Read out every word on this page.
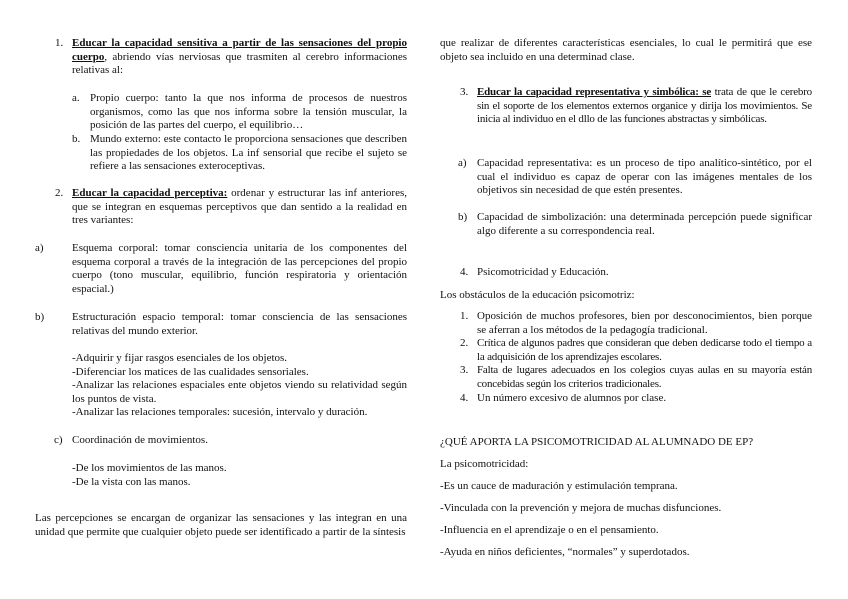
1. Educar la capacidad sensitiva a partir de las sensaciones del propio cuerpo, abriendo vías nerviosas que trasmiten al cerebro informaciones relativas al:
a. Propio cuerpo: tanto la que nos informa de procesos de nuestros organismos, como las que nos informa sobre la tensión muscular, la posición de las partes del cuerpo, el equilibrio…
b. Mundo externo: este contacto le proporciona sensaciones que describen las propiedades de los objetos. La inf sensorial que recibe el sujeto se refiere a las sensaciones exteroceptivas.
2. Educar la capacidad perceptiva: ordenar y estructurar las inf anteriores, que se integran en esquemas perceptivos que dan sentido a la realidad en tres variantes:
a)	Esquema corporal: tomar consciencia unitaria de los componentes del esquema corporal a través de la integración de las percepciones del propio cuerpo (tono muscular, equilibrio, función respiratoria y orientación espacial.)
b)	Estructuración espacio temporal: tomar consciencia de las sensaciones relativas del mundo exterior.

-Adquirir y fijar rasgos esenciales de los objetos.

-Diferenciar los matices de las cualidades sensoriales.

-Analizar las relaciones espaciales ente objetos viendo su relatividad según los puntos de vista.

-Analizar las relaciones temporales: sucesión, intervalo y duración.

c) Coordinación de movimientos.

-De los movimientos de las manos.

-De la vista con las manos.

Las percepciones se encargan de organizar las sensaciones y las integran en una unidad que permite que cualquier objeto puede ser identificado a partir de la síntesis
que realizar de diferentes características esenciales, lo cual le permitirá que ese objeto sea incluido en una determinad clase.
3. Educar la capacidad representativa y simbólica: se trata de que le cerebro sin el soporte de los elementos externos organice y dirija los movimientos. Se inicia al individuo en el dllo de las funciones abstractas y simbólicas.
a) Capacidad representativa: es un proceso de tipo analítico-sintético, por el cual el individuo es capaz de operar con las imágenes mentales de los objetivos sin necesidad de que estén presentes.
b) Capacidad de simbolización: una determinada percepción puede significar algo diferente a su correspondencia real.
4. Psicomotricidad y Educación.
Los obstáculos de la educación psicomotriz:
1. Oposición de muchos profesores, bien por desconocimientos, bien porque se aferran a los métodos de la pedagogía tradicional.
2. Crítica de algunos padres que consideran que deben dedicarse todo el tiempo a la adquisición de los aprendizajes escolares.
3. Falta de lugares adecuados en los colegios cuyas aulas en su mayoría están concebidas según los criterios tradicionales.
4. Un número excesivo de alumnos por clase.
¿QUÉ APORTA LA PSICOMOTRICIDAD AL ALUMNADO DE EP?
La psicomotricidad:
-Es un cauce de maduración y estimulación temprana.
-Vinculada con la prevención y mejora de muchas disfunciones.
-Influencia en el aprendizaje o en el pensamiento.
-Ayuda en niños deficientes, “normales” y superdotados.
